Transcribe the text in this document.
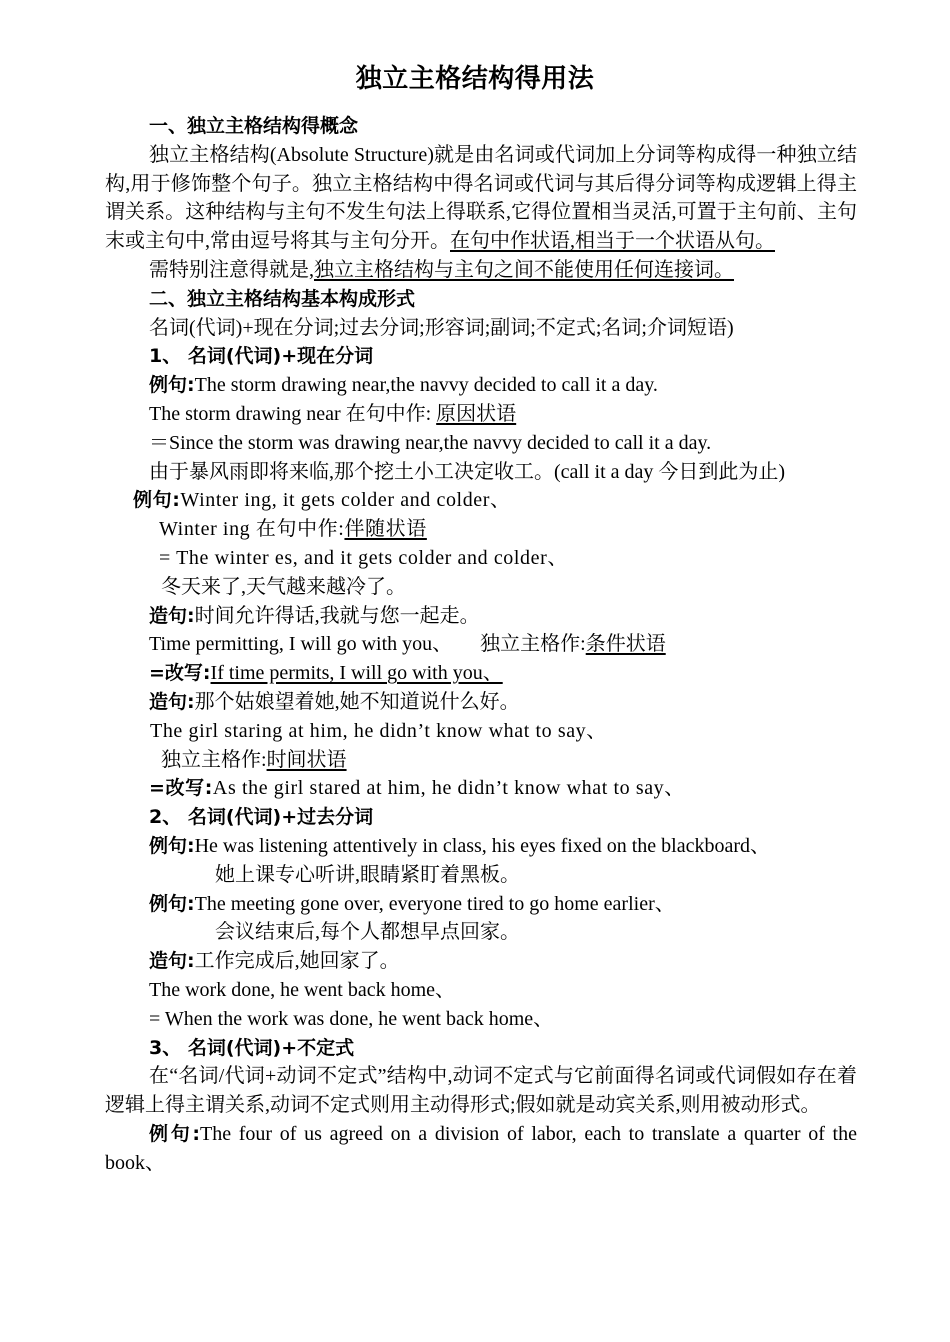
独立主格结构得用法

一、独立主格结构得概念

独立主格结构(Absolute Structure)就是由名词或代词加上分词等构成得一种独立结构,用于修饰整个句子。独立主格结构中得名词或代词与其后得分词等构成逻辑上得主谓关系。这种结构与主句不发生句法上得联系,它得位置相当灵活,可置于主句前、主句末或主句中,常由逗号将其与主句分开。在句中作状语,相当于一个状语从句。

需特别注意得就是,独立主格结构与主句之间不能使用任何连接词。

二、独立主格结构基本构成形式

名词(代词)+现在分词;过去分词;形容词;副词;不定式;名词;介词短语)

1、 名词(代词)+现在分词

例句:The storm drawing near,the navvy decided to call it a day.

The storm drawing near 在句中作: 原因状语

＝Since the storm was drawing near,the navvy decided to call it a day.

由于暴风雨即将来临,那个挖土小工决定收工。(call it a day 今日到此为止)

例句:Winter ing, it gets colder and colder、

Winter ing 在句中作:伴随状语

= The winter es, and it gets colder and colder、

冬天来了,天气越来越冷了。

造句:时间允许得话,我就与您一起走。

Time permitting, I will go with you、 独立主格作:条件状语

=改写:If time permits, I will go with you、

造句:那个姑娘望着她,她不知道说什么好。

The girl staring at him, he didn’t know what to say、

独立主格作:时间状语

=改写:As the girl stared at him, he didn’t know what to say、

2、 名词(代词)+过去分词

例句:He was listening attentively in class, his eyes fixed on the blackboard、

她上课专心听讲,眼睛紧盯着黑板。

例句:The meeting gone over, everyone tired to go home earlier、

会议结束后,每个人都想早点回家。

造句:工作完成后,她回家了。

The work done, he went back home、

= When the work was done, he went back home、

3、 名词(代词)+不定式

在“名词/代词+动词不定式”结构中,动词不定式与它前面得名词或代词假如存在着逻辑上得主谓关系,动词不定式则用主动得形式;假如就是动宾关系,则用被动形式。

例句:The four of us agreed on a division of labor, each to translate a quarter of the book、
